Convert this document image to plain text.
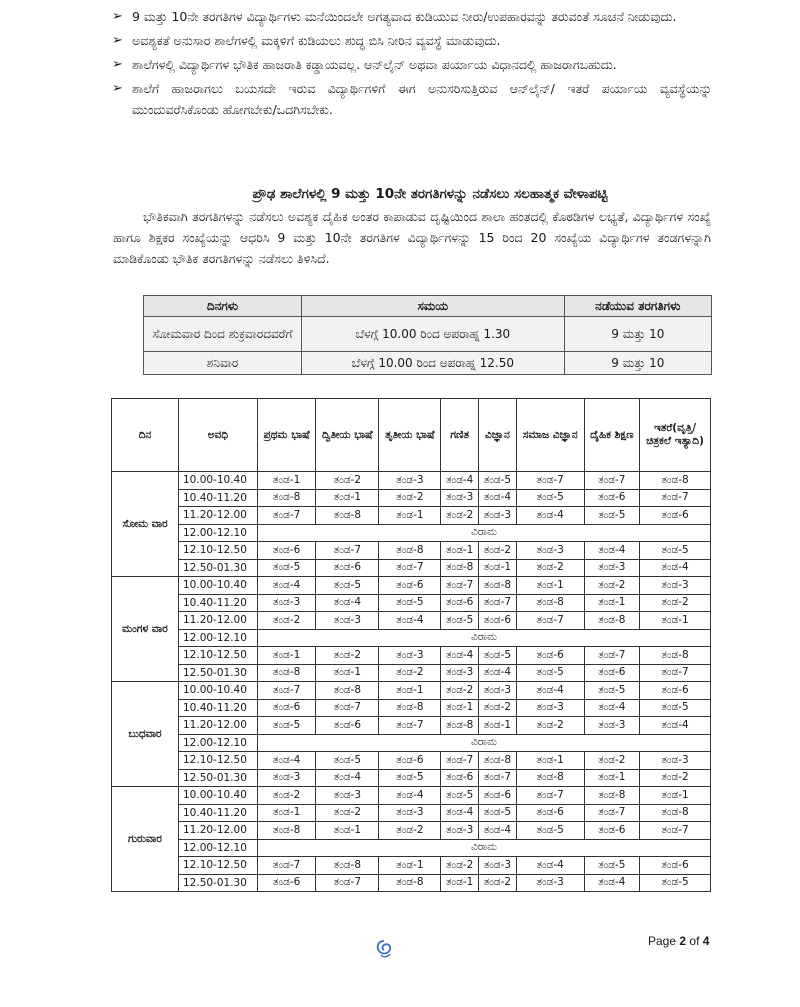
➢ 9 ಮತ್ತು 10ನೇ ತರಗತಿಗಳ ವಿದ್ಯಾರ್ಥಿಗಳು ಮನೆಯಿಂದಲೇ ಅಗತ್ಯವಾದ ಕುಡಿಯುವ ನೀರು/ಉಪಹಾರವನ್ನು ತರುವಂತೆ ಸೂಚನೆ ನೀಡುವುದು.
➢ ಅವಶ್ಯಕತೆ ಅನುಸಾರ ಶಾಲೆಗಳಲ್ಲಿ ಮಕ್ಕಳಿಗೆ ಕುಡಿಯಲು ಶುದ್ಧ ಬಿಸಿ ನೀರಿನ ವ್ಯವಸ್ಥೆ ಮಾಡುವುದು.
➢ ಶಾಲೆಗಳಲ್ಲಿ ವಿದ್ಯಾರ್ಥಿಗಳ ಭೌತಿಕ ಹಾಜರಾತಿ ಕಡ್ಡಾಯವಲ್ಲ. ಆನ್‌ಲೈನ್ ಅಥವಾ ಪರ್ಯಾಯ ವಿಧಾನದಲ್ಲಿ ಹಾಜರಾಗಬಹುದು.
➢ ಶಾಲೆಗೆ ಹಾಜರಾಗಲು ಬಯಸದೇ ಇರುವ ವಿದ್ಯಾರ್ಥಿಗಳಿಗೆ ಈಗ ಅನುಸರಿಸುತ್ತಿರುವ ಆನ್‌ಲೈನ್/ ಇತರೆ ಪರ್ಯಾಯ ವ್ಯವಸ್ಥೆಯನ್ನು ಮುಂದುವರೆಸಿಕೊಂಡು ಹೋಗಬೇಕು/ಒದಗಿಸಬೇಕು.
ಪ್ರೌಢ ಶಾಲೆಗಳಲ್ಲಿ 9 ಮತ್ತು 10ನೇ ತರಗತಿಗಳನ್ನು ನಡೆಸಲು ಸಲಹಾತ್ಮಕ ವೇಳಾಪಟ್ಟಿ
ಭೌತಿಕವಾಗಿ ತರಗತಿಗಳನ್ನು ನಡೆಸಲು ಅವಶ್ಯಕ ದೈಹಿಕ ಅಂತರ ಕಾಪಾಡುವ ದೃಷ್ಟಿಯಿಂದ ಶಾಲಾ ಹಂತದಲ್ಲಿ ಕೊಠಡಿಗಳ ಲಭ್ಯತೆ, ವಿದ್ಯಾರ್ಥಿಗಳ ಸಂಖ್ಯೆ ಹಾಗೂ ಶಿಕ್ಷಕರ ಸಂಖ್ಯೆಯನ್ನು ಆಧರಿಸಿ 9 ಮತ್ತು 10ನೇ ತರಗತಿಗಳ ವಿದ್ಯಾರ್ಥಿಗಳನ್ನು 15 ರಿಂದ 20 ಸಂಖ್ಯೆಯ ವಿದ್ಯಾರ್ಥಿಗಳ ತಂಡಗಳನ್ನಾಗಿ ಮಾಡಿಕೊಂಡು ಭೌತಿಕ ತರಗತಿಗಳನ್ನು ನಡೆಸಲು ತಿಳಿಸಿದೆ.
ದಿನಗಳು	ಸಮಯ	ನಡೆಯುವ ತರಗತಿಗಳು
ಸೋಮವಾರ ದಿಂದ ಶುಕ್ರವಾರದವರೆಗೆ	ಬೆಳಗ್ಗೆ 10.00 ರಿಂದ ಅಪರಾಹ್ನ 1.30	9 ಮತ್ತು 10
ಶನಿವಾರ	ಬೆಳಗ್ಗೆ 10.00 ರಿಂದ ಅಪರಾಹ್ನ 12.50	9 ಮತ್ತು 10
ದಿನ	ಅವಧಿ	ಪ್ರಥಮ ಭಾಷೆ	ದ್ವಿತೀಯ ಭಾಷೆ	ತೃತೀಯ ಭಾಷೆ	ಗಣಿತ	ವಿಜ್ಞಾನ	ಸಮಾಜ ವಿಜ್ಞಾನ	ದೈಹಿಕ ಶಿಕ್ಷಣ	ಇತರೆ(ವೃತ್ತಿ/ ಚಿತ್ರಕಲೆ ಇತ್ಯಾದಿ)
ಸೋಮ ವಾರ	10.00-10.40	ತಂಡ-1	ತಂಡ-2	ತಂಡ-3	ತಂಡ-4	ತಂಡ-5	ತಂಡ-7	ತಂಡ-7	ತಂಡ-8
	10.40-11.20	ತಂಡ-8	ತಂಡ-1	ತಂಡ-2	ತಂಡ-3	ತಂಡ-4	ತಂಡ-5	ತಂಡ-6	ತಂಡ-7
	11.20-12.00	ತಂಡ-7	ತಂಡ-8	ತಂಡ-1	ತಂಡ-2	ತಂಡ-3	ತಂಡ-4	ತಂಡ-5	ತಂಡ-6
	12.00-12.10	ವಿರಾಮ							
	12.10-12.50	ತಂಡ-6	ತಂಡ-7	ತಂಡ-8	ತಂಡ-1	ತಂಡ-2	ತಂಡ-3	ತಂಡ-4	ತಂಡ-5
	12.50-01.30	ತಂಡ-5	ತಂಡ-6	ತಂಡ-7	ತಂಡ-8	ತಂಡ-1	ತಂಡ-2	ತಂಡ-3	ತಂಡ-4
ಮಂಗಳ ವಾರ	10.00-10.40	ತಂಡ-4	ತಂಡ-5	ತಂಡ-6	ತಂಡ-7	ತಂಡ-8	ತಂಡ-1	ತಂಡ-2	ತಂಡ-3
	10.40-11.20	ತಂಡ-3	ತಂಡ-4	ತಂಡ-5	ತಂಡ-6	ತಂಡ-7	ತಂಡ-8	ತಂಡ-1	ತಂಡ-2
	11.20-12.00	ತಂಡ-2	ತಂಡ-3	ತಂಡ-4	ತಂಡ-5	ತಂಡ-6	ತಂಡ-7	ತಂಡ-8	ತಂಡ-1
	12.00-12.10	ವಿರಾಮ							
	12.10-12.50	ತಂಡ-1	ತಂಡ-2	ತಂಡ-3	ತಂಡ-4	ತಂಡ-5	ತಂಡ-6	ತಂಡ-7	ತಂಡ-8
	12.50-01.30	ತಂಡ-8	ತಂಡ-1	ತಂಡ-2	ತಂಡ-3	ತಂಡ-4	ತಂಡ-5	ತಂಡ-6	ತಂಡ-7
ಬುಧವಾರ	10.00-10.40	ತಂಡ-7	ತಂಡ-8	ತಂಡ-1	ತಂಡ-2	ತಂಡ-3	ತಂಡ-4	ತಂಡ-5	ತಂಡ-6
	10.40-11.20	ತಂಡ-6	ತಂಡ-7	ತಂಡ-8	ತಂಡ-1	ತಂಡ-2	ತಂಡ-3	ತಂಡ-4	ತಂಡ-5
	11.20-12.00	ತಂಡ-5	ತಂಡ-6	ತಂಡ-7	ತಂಡ-8	ತಂಡ-1	ತಂಡ-2	ತಂಡ-3	ತಂಡ-4
	12.00-12.10	ವಿರಾಮ							
	12.10-12.50	ತಂಡ-4	ತಂಡ-5	ತಂಡ-6	ತಂಡ-7	ತಂಡ-8	ತಂಡ-1	ತಂಡ-2	ತಂಡ-3
	12.50-01.30	ತಂಡ-3	ತಂಡ-4	ತಂಡ-5	ತಂಡ-6	ತಂಡ-7	ತಂಡ-8	ತಂಡ-1	ತಂಡ-2
ಗುರುವಾರ	10.00-10.40	ತಂಡ-2	ತಂಡ-3	ತಂಡ-4	ತಂಡ-5	ತಂಡ-6	ತಂಡ-7	ತಂಡ-8	ತಂಡ-1
	10.40-11.20	ತಂಡ-1	ತಂಡ-2	ತಂಡ-3	ತಂಡ-4	ತಂಡ-5	ತಂಡ-6	ತಂಡ-7	ತಂಡ-8
	11.20-12.00	ತಂಡ-8	ತಂಡ-1	ತಂಡ-2	ತಂಡ-3	ತಂಡ-4	ತಂಡ-5	ತಂಡ-6	ತಂಡ-7
	12.00-12.10	ವಿರಾಮ							
	12.10-12.50	ತಂಡ-7	ತಂಡ-8	ತಂಡ-1	ತಂಡ-2	ತಂಡ-3	ತಂಡ-4	ತಂಡ-5	ತಂಡ-6
	12.50-01.30	ತಂಡ-6	ತಂಡ-7	ತಂಡ-8	ತಂಡ-1	ತಂಡ-2	ತಂಡ-3	ತಂಡ-4	ತಂಡ-5
Page 2 of 4
